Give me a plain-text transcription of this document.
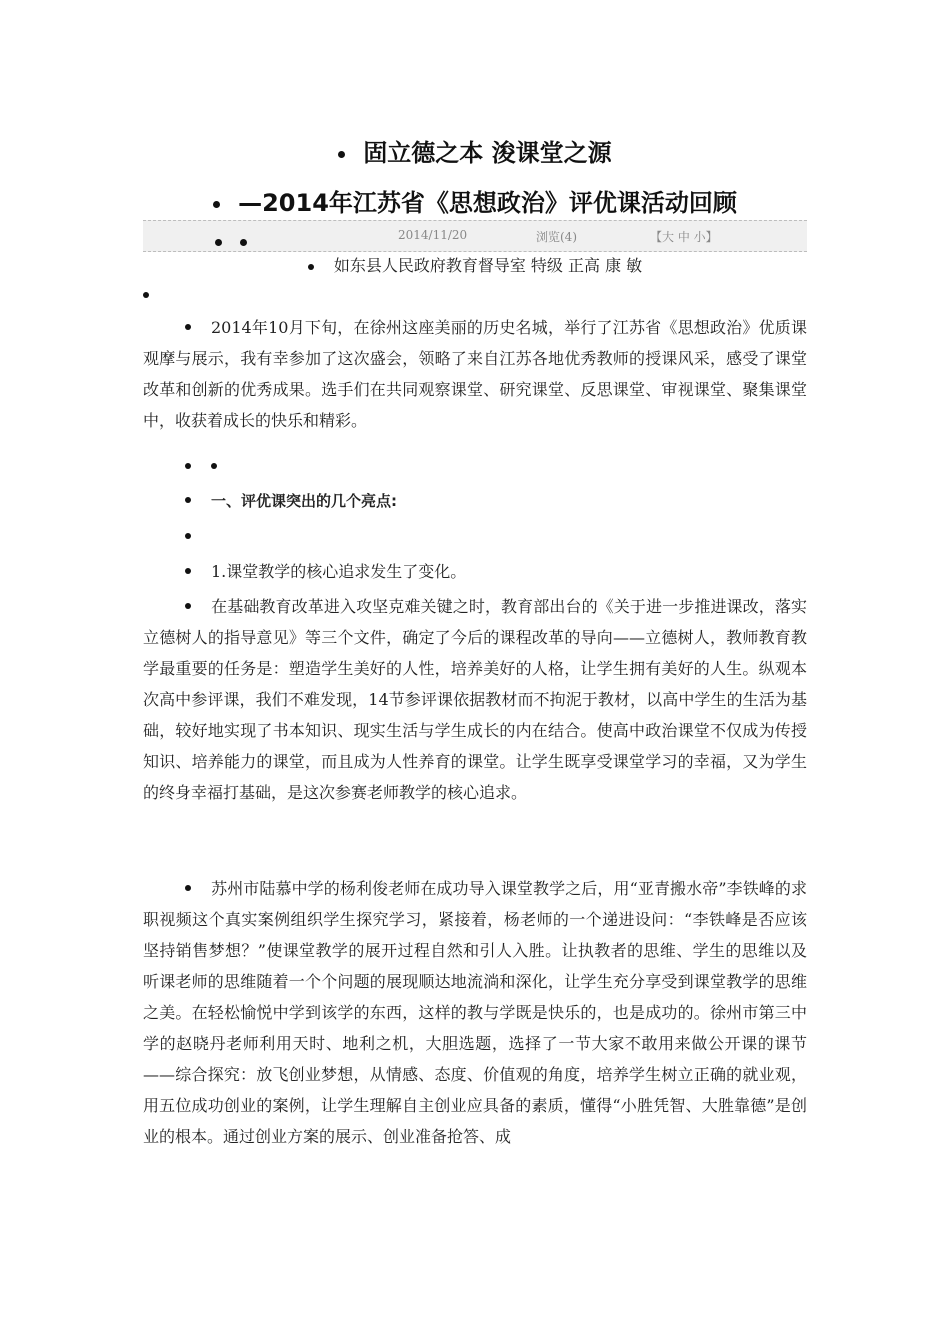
固立德之本 浚课堂之源
—2014年江苏省《思想政治》评优课活动回顾
2014/11/20	浏览(4)	【大 中 小】
如东县人民政府教育督导室 特级 正高 康 敏
2014年10月下旬，在徐州这座美丽的历史名城，举行了江苏省《思想政治》优质课观摩与展示，我有幸参加了这次盛会，领略了来自江苏各地优秀教师的授课风采，感受了课堂改革和创新的优秀成果。选手们在共同观察课堂、研究课堂、反思课堂、审视课堂、聚集课堂中，收获着成长的快乐和精彩。
一、评优课突出的几个亮点:
1.课堂教学的核心追求发生了变化。
在基础教育改革进入攻坚克难关键之时，教育部出台的《关于进一步推进课改，落实立德树人的指导意见》等三个文件，确定了今后的课程改革的导向——立德树人，教师教育教学最重要的任务是：塑造学生美好的人性，培养美好的人格，让学生拥有美好的人生。纵观本次高中参评课，我们不难发现，14节参评课依据教材而不拘泥于教材，以高中学生的生活为基础，较好地实现了书本知识、现实生活与学生成长的内在结合。使高中政治课堂不仅成为传授知识、培养能力的课堂，而且成为人性养育的课堂。让学生既享受课堂学习的幸福，又为学生的终身幸福打基础，是这次参赛老师教学的核心追求。
苏州市陆慕中学的杨利俊老师在成功导入课堂教学之后，用“亚青搬水帝”李铁峰的求职视频这个真实案例组织学生探究学习，紧接着，杨老师的一个递进设问：“李铁峰是否应该坚持销售梦想？”使课堂教学的展开过程自然和引人入胜。让执教者的思维、学生的思维以及听课老师的思维随着一个个问题的展现顺达地流淌和深化，让学生充分享受到课堂教学的思维之美。在轻松愉悦中学到该学的东西，这样的教与学既是快乐的，也是成功的。徐州市第三中学的赵晓丹老师利用天时、地利之机，大胆选题，选择了一节大家不敢用来做公开课的课节——综合探究：放飞创业梦想，从情感、态度、价值观的角度，培养学生树立正确的就业观，用五位成功创业的案例，让学生理解自主创业应具备的素质，懂得“小胜凭智、大胜靠德”是创业的根本。通过创业方案的展示、创业准备抢答、成
